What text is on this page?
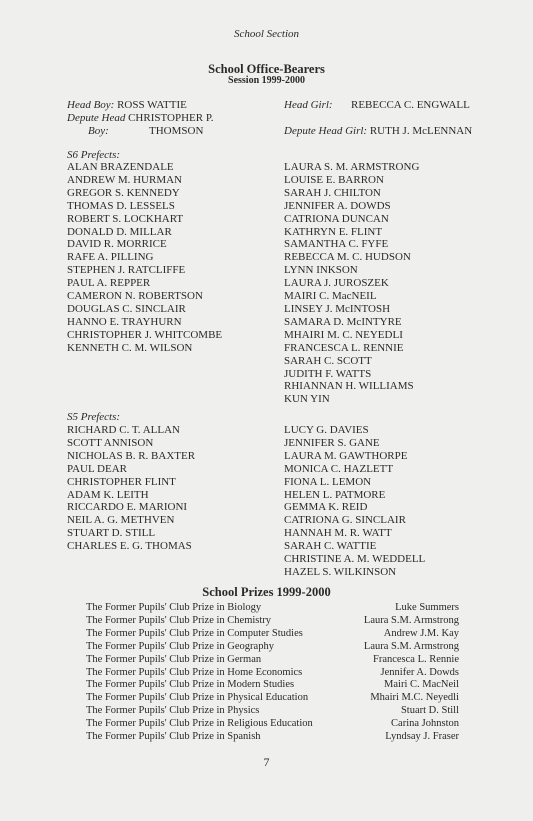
School Section
School Office-Bearers
Session 1999-2000
Head Boy: ROSS WATTIE
Depute Head CHRISTOPHER P.
Boy:	THOMSON
Head Girl: REBECCA C. ENGWALL
Depute Head Girl: RUTH J. McLENNAN
S6 Prefects:
ALAN BRAZENDALE
ANDREW M. HURMAN
GREGOR S. KENNEDY
THOMAS D. LESSELS
ROBERT S. LOCKHART
DONALD D. MILLAR
DAVID R. MORRICE
RAFE A. PILLING
STEPHEN J. RATCLIFFE
PAUL A. REPPER
CAMERON N. ROBERTSON
DOUGLAS C. SINCLAIR
HANNO E. TRAYHURN
CHRISTOPHER J. WHITCOMBE
KENNETH C. M. WILSON
LAURA S. M. ARMSTRONG
LOUISE E. BARRON
SARAH J. CHILTON
JENNIFER A. DOWDS
CATRIONA DUNCAN
KATHRYN E. FLINT
SAMANTHA C. FYFE
REBECCA M. C. HUDSON
LYNN INKSON
LAURA J. JUROSZEK
MAIRI C. MacNEIL
LINSEY J. McINTOSH
SAMARA D. McINTYRE
MHAIRI M. C. NEYEDLI
FRANCESCA L. RENNIE
SARAH C. SCOTT
JUDITH F. WATTS
RHIANNAN H. WILLIAMS
KUN YIN
S5 Prefects:
RICHARD C. T. ALLAN
SCOTT ANNISON
NICHOLAS B. R. BAXTER
PAUL DEAR
CHRISTOPHER FLINT
ADAM K. LEITH
RICCARDO E. MARIONI
NEIL A. G. METHVEN
STUART D. STILL
CHARLES E. G. THOMAS
LUCY G. DAVIES
JENNIFER S. GANE
LAURA M. GAWTHORPE
MONICA C. HAZLETT
FIONA L. LEMON
HELEN L. PATMORE
GEMMA K. REID
CATRIONA G. SINCLAIR
HANNAH M. R. WATT
SARAH C. WATTIE
CHRISTINE A. M. WEDDELL
HAZEL S. WILKINSON
School Prizes 1999-2000
The Former Pupils' Club Prize in Biology	Luke Summers
The Former Pupils' Club Prize in Chemistry	Laura S.M. Armstrong
The Former Pupils' Club Prize in Computer Studies	Andrew J.M. Kay
The Former Pupils' Club Prize in Geography	Laura S.M. Armstrong
The Former Pupils' Club Prize in German	Francesca L. Rennie
The Former Pupils' Club Prize in Home Economics	Jennifer A. Dowds
The Former Pupils' Club Prize in Modern Studies	Mairi C. MacNeil
The Former Pupils' Club Prize in Physical Education	Mhairi M.C. Neyedli
The Former Pupils' Club Prize in Physics	Stuart D. Still
The Former Pupils' Club Prize in Religious Education	Carina Johnston
The Former Pupils' Club Prize in Spanish	Lyndsay J. Fraser
7
